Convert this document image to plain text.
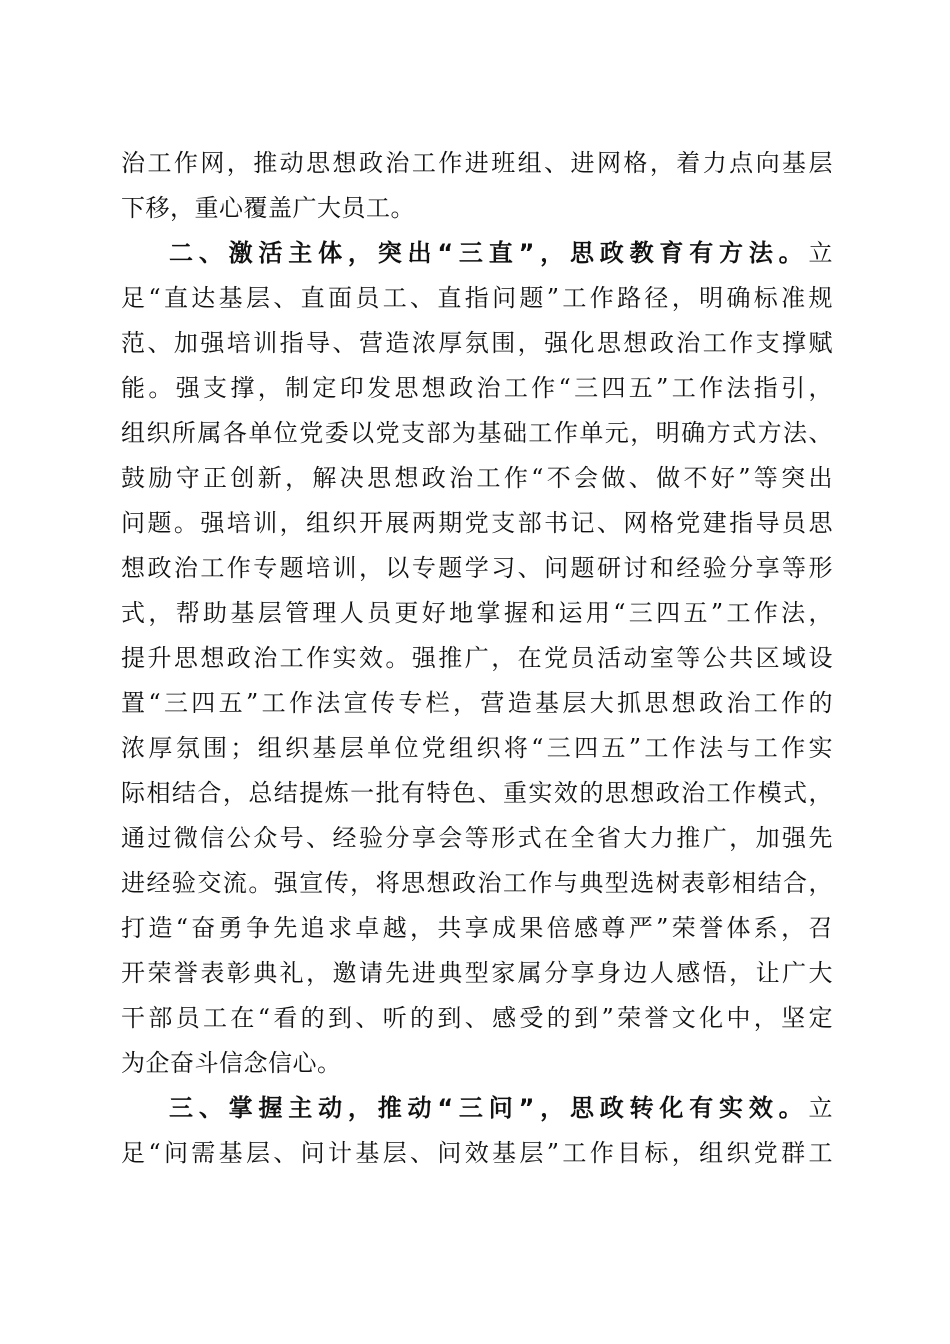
治工作网，推动思想政治工作进班组、进网格，着力点向基层
下移，重心覆盖广大员工。
二、激活主体，突出“三直”，思政教育有方法。立
足“直达基层、直面员工、直指问题”工作路径，明确标准规
范、加强培训指导、营造浓厚氛围，强化思想政治工作支撑赋
能。强支撑，制定印发思想政治工作“三四五”工作法指引，
组织所属各单位党委以党支部为基础工作单元，明确方式方法、
鼓励守正创新，解决思想政治工作“不会做、做不好”等突出
问题。强培训，组织开展两期党支部书记、网格党建指导员思
想政治工作专题培训，以专题学习、问题研讨和经验分享等形
式，帮助基层管理人员更好地掌握和运用“三四五”工作法，
提升思想政治工作实效。强推广，在党员活动室等公共区域设
置“三四五”工作法宣传专栏，营造基层大抓思想政治工作的
浓厚氛围；组织基层单位党组织将“三四五”工作法与工作实
际相结合，总结提炼一批有特色、重实效的思想政治工作模式，
通过微信公众号、经验分享会等形式在全省大力推广，加强先
进经验交流。强宣传，将思想政治工作与典型选树表彰相结合，
打造“奋勇争先追求卓越，共享成果倍感尊严”荣誉体系，召
开荣誉表彰典礼，邀请先进典型家属分享身边人感悟，让广大
干部员工在“看的到、听的到、感受的到”荣誉文化中，坚定
为企奋斗信念信心。
三、掌握主动，推动“三问”，思政转化有实效。立
足“问需基层、问计基层、问效基层”工作目标，组织党群工
